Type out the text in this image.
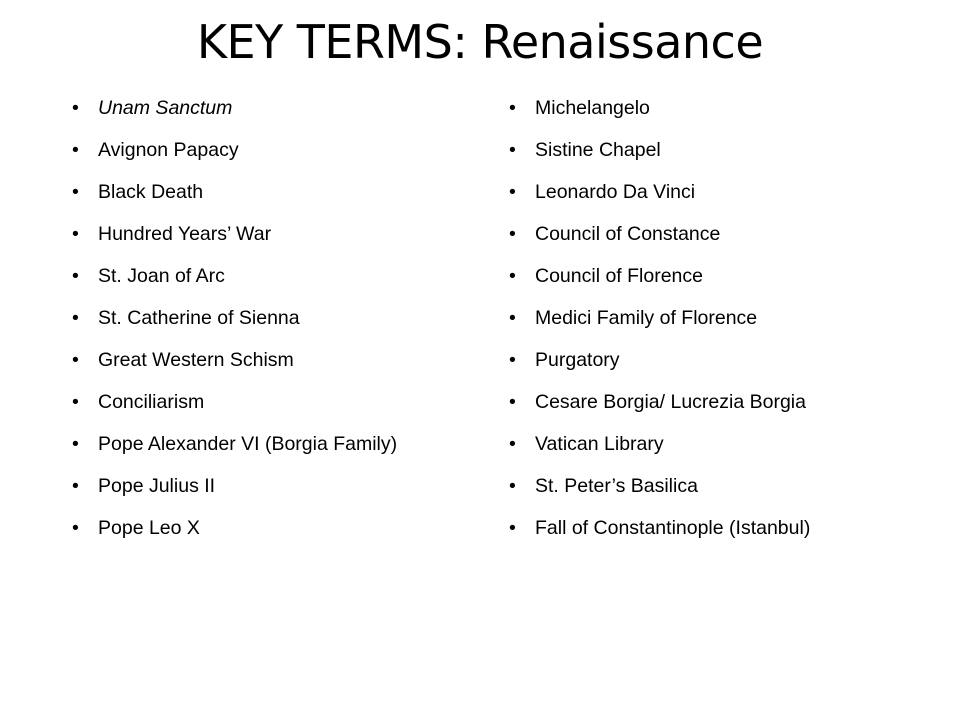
KEY TERMS: Renaissance
• Unam Sanctum
• Avignon Papacy
• Black Death
• Hundred Years’ War
• St. Joan of Arc
• St. Catherine of Sienna
• Great Western Schism
• Conciliarism
• Pope Alexander VI (Borgia Family)
• Pope Julius II
• Pope Leo X
• Michelangelo
• Sistine Chapel
• Leonardo Da Vinci
• Council of Constance
• Council of Florence
• Medici Family of Florence
• Purgatory
• Cesare Borgia/ Lucrezia Borgia
• Vatican Library
• St. Peter’s Basilica
• Fall of Constantinople (Istanbul)
